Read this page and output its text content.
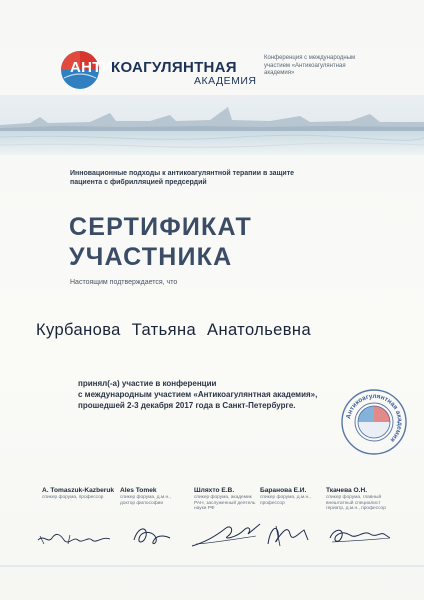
АНТИ
КОАГУЛЯНТНАЯ
АКАДЕМИЯ
Конференция с международным участием «Антикоагулянтная академия»
Инновационные подходы к антикоагулянтной терапии в защите пациента с фибрилляцией предсердий
СЕРТИФИКАТ
УЧАСТНИКА
Настоящим подтверждается, что
Курбанова Татьяна Анатольевна
принял(-а) участие в конференции
с международным участием «Антикоагулянтная академия»,
прошедшей 2-3 декабря 2017 года в Санкт-Петербурге.
Антикоагулянтная академия
A. Tomaszuk-Kazberuk
спикер форума, профессор
Ales Tomek
спикер форума, д.м.н., доктор философии
Шляхто Е.В.
спикер форума, академик РАН, заслуженный деятель науки РФ
Баранова Е.И.
спикер форума, д.м.н., профессор
Ткачева О.Н.
спикер форума, главный внештатный специалист гериатр, д.м.н., профессор
